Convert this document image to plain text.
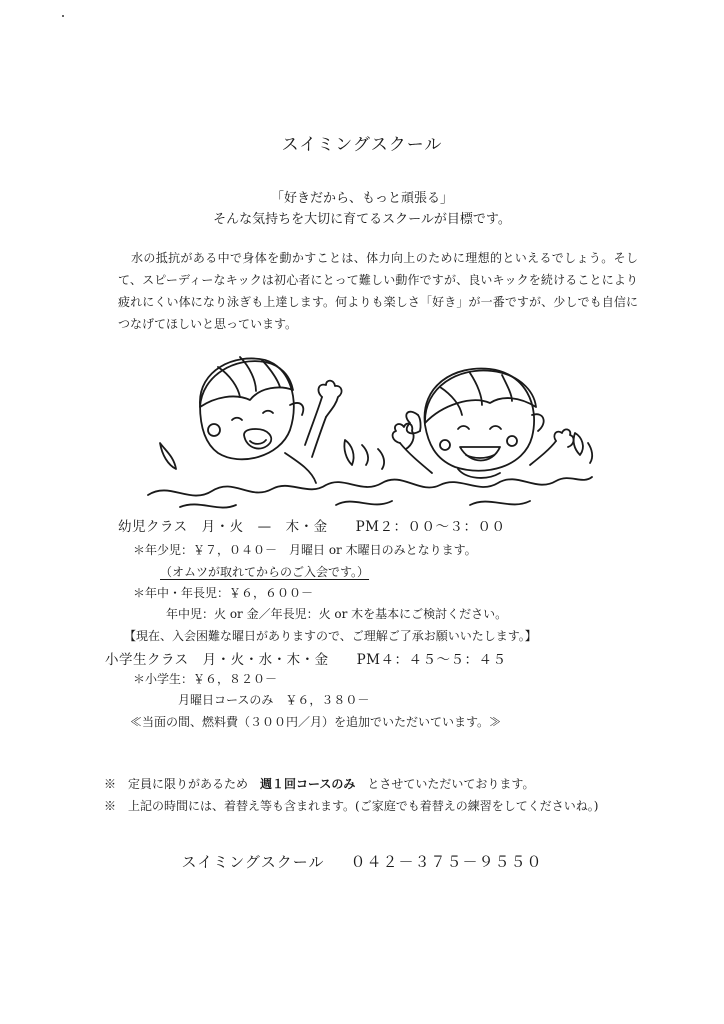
スイミングスクール
「好きだから、もっと頑張る」
そんな気持ちを大切に育てるスクールが目標です。
水の抵抗がある中で身体を動かすことは、体力向上のために理想的といえるでしょう。そして、スピーディーなキックは初心者にとって難しい動作ですが、良いキックを続けることにより疲れにくい体になり泳ぎも上達します。何よりも楽しさ「好き」が一番ですが、少しでも自信につなげてほしいと思っています。
幼児クラス　月・火　—　木・金　　PM２：００～３：００
＊年少児：￥７，０４０－　月曜日 or 木曜日のみとなります。
（オムツが取れてからのご入会です。）
＊年中・年長児：￥６，６００－
年中児：火 or 金／年長児：火 or 木を基本にご検討ください。
【現在、入会困難な曜日がありますので、ご理解ご了承お願いいたします。】
小学生クラス　月・火・水・木・金　　PM４：４５～５：４５
＊小学生：￥６，８２０－
月曜日コースのみ　￥６，３８０－
≪当面の間、燃料費（３００円／月）を追加でいただいています。≫
※　定員に限りがあるため　週１回コースのみ　とさせていただいております。
※　上記の時間には、着替え等も含まれます。(ご家庭でも着替えの練習をしてくださいね。)
スイミングスクール ０４２－３７５－９５５０
